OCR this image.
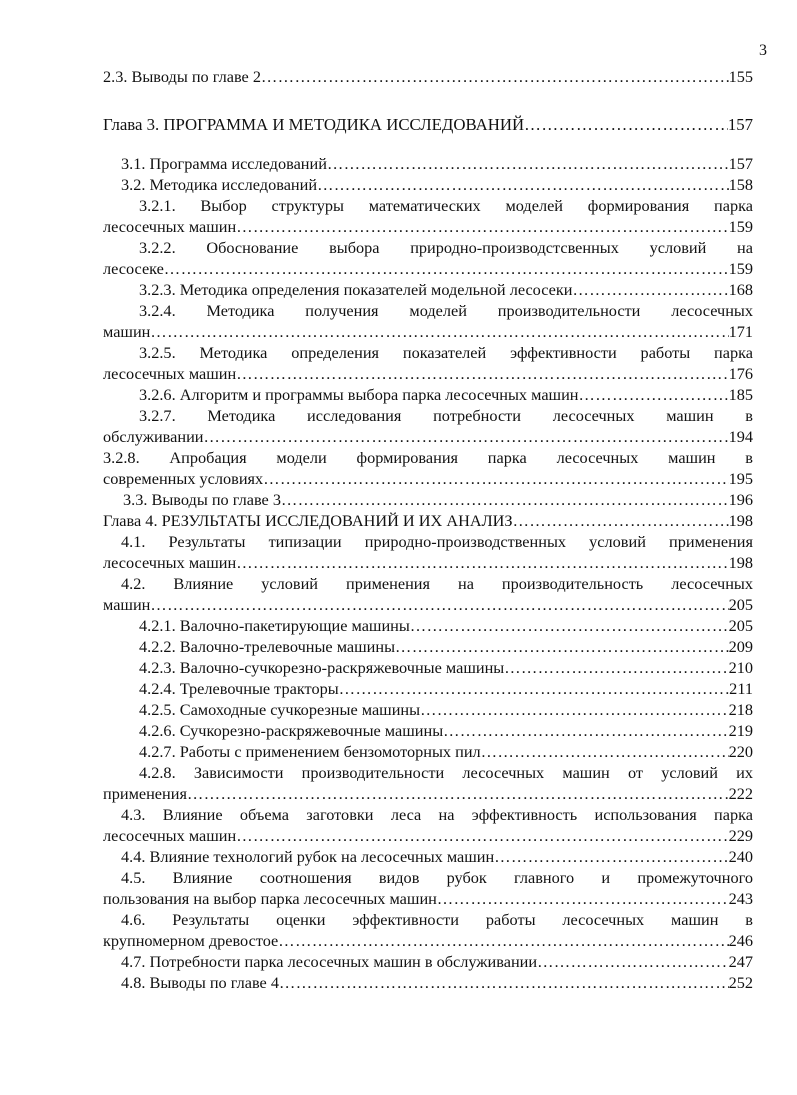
3
2.3. Выводы по главе 2 ……………………………………………………………………………………………………………………………………………	155
Глава 3. ПРОГРАММА И МЕТОДИКА ИССЛЕДОВАНИЙ ……………………………………………………………………………………………………………………………………………	157
3.1. Программа исследований ……………………………………………………………………………………………………………………………………………	157
3.2. Методика исследований ……………………………………………………………………………………………………………………………………………	158
3.2.1. Выбор структуры математических моделей формирования парка
лесосечных машин ……………………………………………………………………………………………………………………………………………	159
3.2.2. Обоснование выбора природно-производстсвенных условий на
лесосеке ……………………………………………………………………………………………………………………………………………	159
3.2.3. Методика определения показателей модельной лесосеки ……………………………………………………………………………………………………………………………………………	168
3.2.4. Методика получения моделей производительности лесосечных
машин ……………………………………………………………………………………………………………………………………………	171
3.2.5. Методика определения показателей эффективности работы парка
лесосечных машин ……………………………………………………………………………………………………………………………………………	176
3.2.6. Алгоритм и программы выбора парка лесосечных машин ……………………………………………………………………………………………………………………………………………	185
3.2.7. Методика исследования потребности лесосечных машин в
обслуживании ……………………………………………………………………………………………………………………………………………	194
3.2.8. Апробация модели формирования парка лесосечных машин в
современных условиях ……………………………………………………………………………………………………………………………………………	195
3.3. Выводы по главе 3 ……………………………………………………………………………………………………………………………………………	196
Глава 4. РЕЗУЛЬТАТЫ ИССЛЕДОВАНИЙ И ИХ АНАЛИЗ ……………………………………………………………………………………………………………………………………………	198
4.1. Результаты типизации природно-производственных условий применения
лесосечных машин ……………………………………………………………………………………………………………………………………………	198
4.2. Влияние условий применения на производительность лесосечных
машин ……………………………………………………………………………………………………………………………………………	205
4.2.1. Валочно-пакетирующие машины ……………………………………………………………………………………………………………………………………………	205
4.2.2. Валочно-трелевочные машины ……………………………………………………………………………………………………………………………………………	209
4.2.3. Валочно-сучкорезно-раскряжевочные машины ……………………………………………………………………………………………………………………………………………	210
4.2.4. Трелевочные тракторы ……………………………………………………………………………………………………………………………………………	211
4.2.5. Самоходные сучкорезные машины ……………………………………………………………………………………………………………………………………………	218
4.2.6. Сучкорезно-раскряжевочные машины ……………………………………………………………………………………………………………………………………………	219
4.2.7. Работы с применением бензомоторных пил ……………………………………………………………………………………………………………………………………………	220
4.2.8. Зависимости производительности лесосечных машин от условий их
применения ……………………………………………………………………………………………………………………………………………	222
4.3. Влияние объема заготовки леса на эффективность использования парка
лесосечных машин ……………………………………………………………………………………………………………………………………………	229
4.4. Влияние технологий рубок на лесосечных машин ……………………………………………………………………………………………………………………………………………	240
4.5. Влияние соотношения видов рубок главного и промежуточного
пользования на выбор парка лесосечных машин ……………………………………………………………………………………………………………………………………………	243
4.6. Результаты оценки эффективности работы лесосечных машин в
крупномерном древостое ……………………………………………………………………………………………………………………………………………	246
4.7. Потребности парка лесосечных машин в обслуживании ……………………………………………………………………………………………………………………………………………	247
4.8. Выводы по главе 4 ……………………………………………………………………………………………………………………………………………	252
